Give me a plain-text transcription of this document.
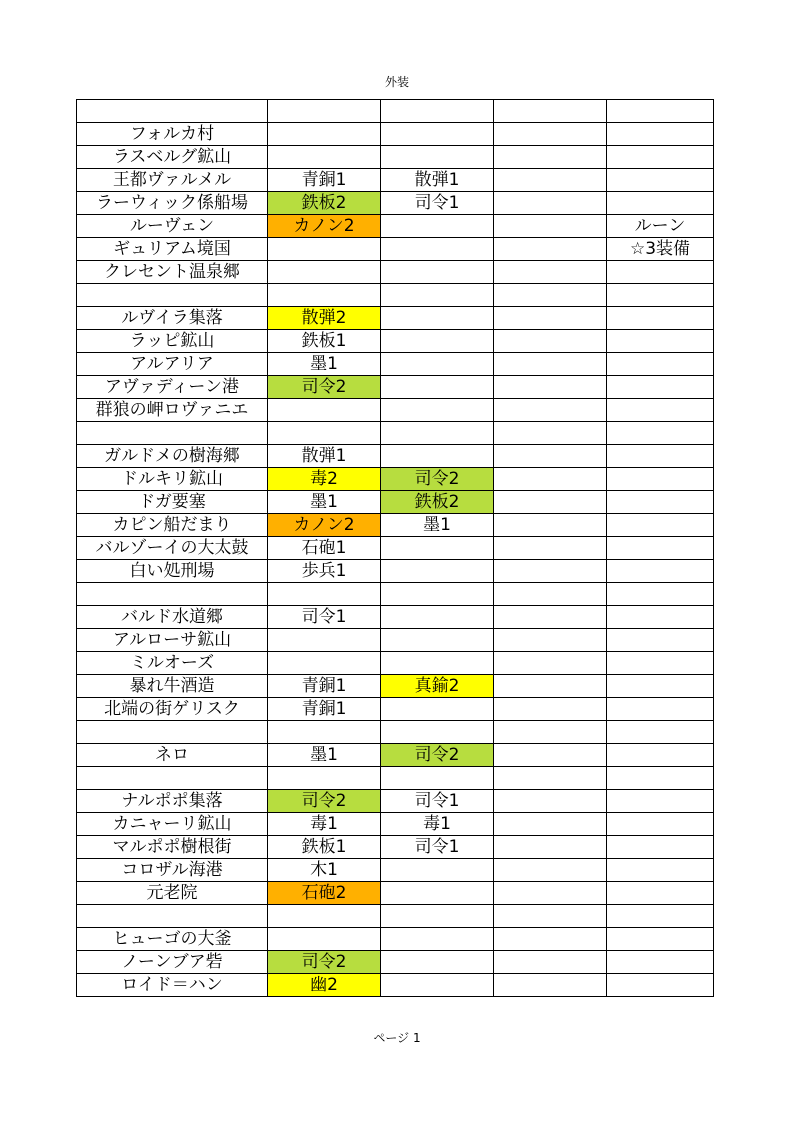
外装

フォルカ村				
ラスベルグ鉱山				
王都ヴァルメル	青銅1	散弾1		
ラーウィック係船場	鉄板2	司令1		
ルーヴェン	カノン2			ルーン
ギュリアム境国				☆3装備
クレセント温泉郷				

ルヴイラ集落	散弾2			
ラッピ鉱山	鉄板1			
アルアリア	墨1			
アヴァディーン港	司令2			
群狼の岬ロヴァニエ				

ガルドメの樹海郷	散弾1			
ドルキリ鉱山	毒2	司令2		
ドガ要塞	墨1	鉄板2		
カピン船だまり	カノン2	墨1		
バルゾーイの大太鼓	石砲1			
白い処刑場	歩兵1			

バルド水道郷	司令1			
アルローサ鉱山				
ミルオーズ				
暴れ牛酒造	青銅1	真鍮2		
北端の街ゲリスク	青銅1			

ネロ	墨1	司令2		

ナルポポ集落	司令2	司令1		
カニャーリ鉱山	毒1	毒1		
マルポポ樹根街	鉄板1	司令1		
コロザル海港	木1			
元老院	石砲2			

ヒューゴの大釜				
ノーンブア砦	司令2			
ロイド＝ハン	幽2			
ページ 1
